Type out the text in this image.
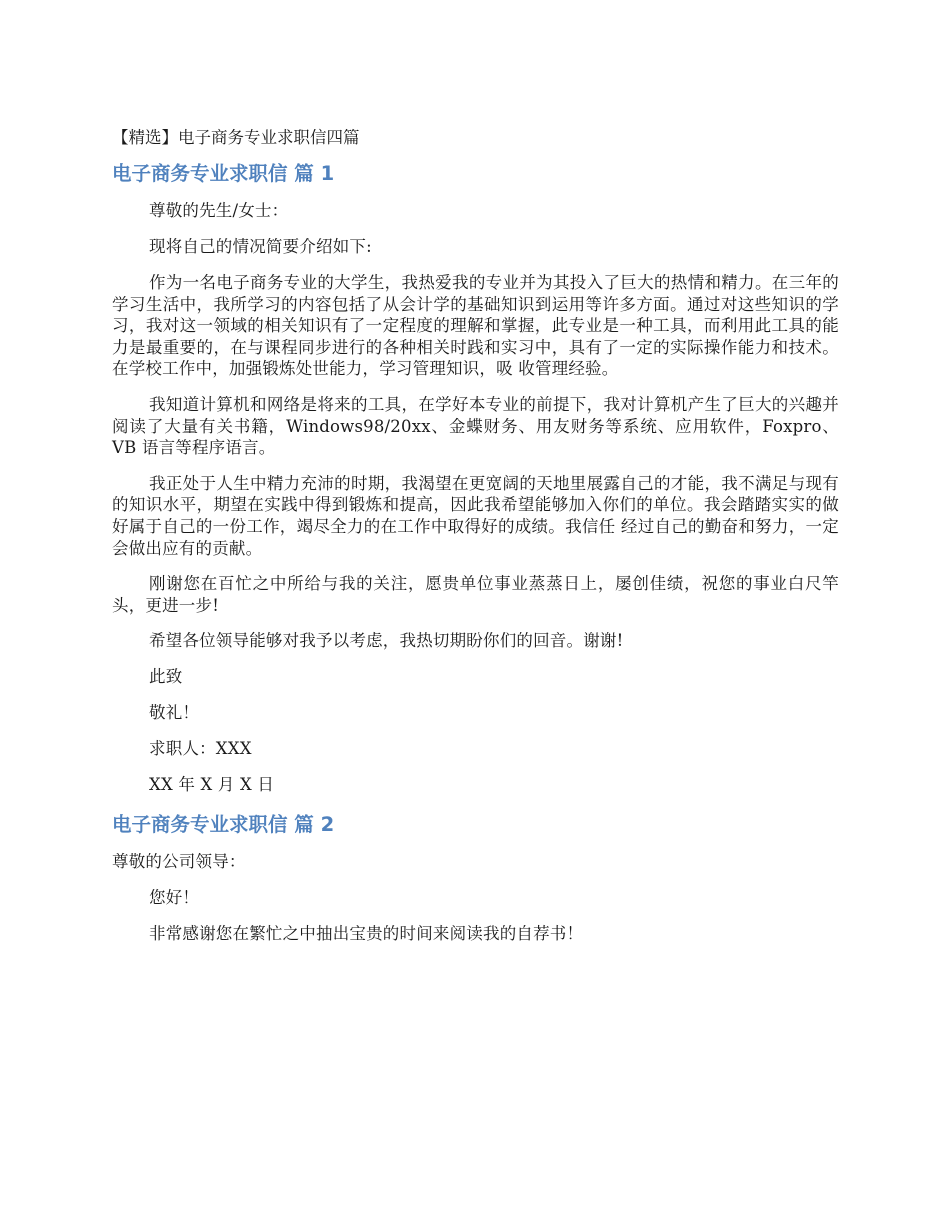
【精选】电子商务专业求职信四篇
电子商务专业求职信 篇 1

尊敬的先生/女士：

现将自己的情况简要介绍如下:

作为一名电子商务专业的大学生，我热爱我的专业并为其投入了巨大的热情和精力。在三年的学习生活中，我所学习的内容包括了从会计学的基础知识到运用等许多方面。通过对这些知识的学习，我对这一领域的相关知识有了一定程度的理解和掌握，此专业是一种工具，而利用此工具的能力是最重要的，在与课程同步进行的各种相关时践和实习中，具有了一定的实际操作能力和技术。在学校工作中，加强锻炼处世能力，学习管理知识，吸 收管理经验。

我知道计算机和网络是将来的工具，在学好本专业的前提下，我对计算机产生了巨大的兴趣并阅读了大量有关书籍，Windows98/20xx、金蝶财务、用友财务等系统、应用软件，Foxpro、VB 语言等程序语言。

我正处于人生中精力充沛的时期，我渴望在更宽阔的天地里展露自己的才能，我不满足与现有的知识水平，期望在实践中得到锻炼和提高，因此我希望能够加入你们的单位。我会踏踏实实的做好属于自己的一份工作，竭尽全力的在工作中取得好的成绩。我信任 经过自己的勤奋和努力，一定会做出应有的贡献。

刚谢您在百忙之中所给与我的关注，愿贵单位事业蒸蒸日上，屡创佳绩，祝您的事业白尺竿头，更进一步!

希望各位领导能够对我予以考虑，我热切期盼你们的回音。谢谢!

此致

敬礼！

求职人：XXX

XX 年 X 月 X 日

电子商务专业求职信 篇 2

尊敬的公司领导：

您好！

非常感谢您在繁忙之中抽出宝贵的时间来阅读我的自荐书！
